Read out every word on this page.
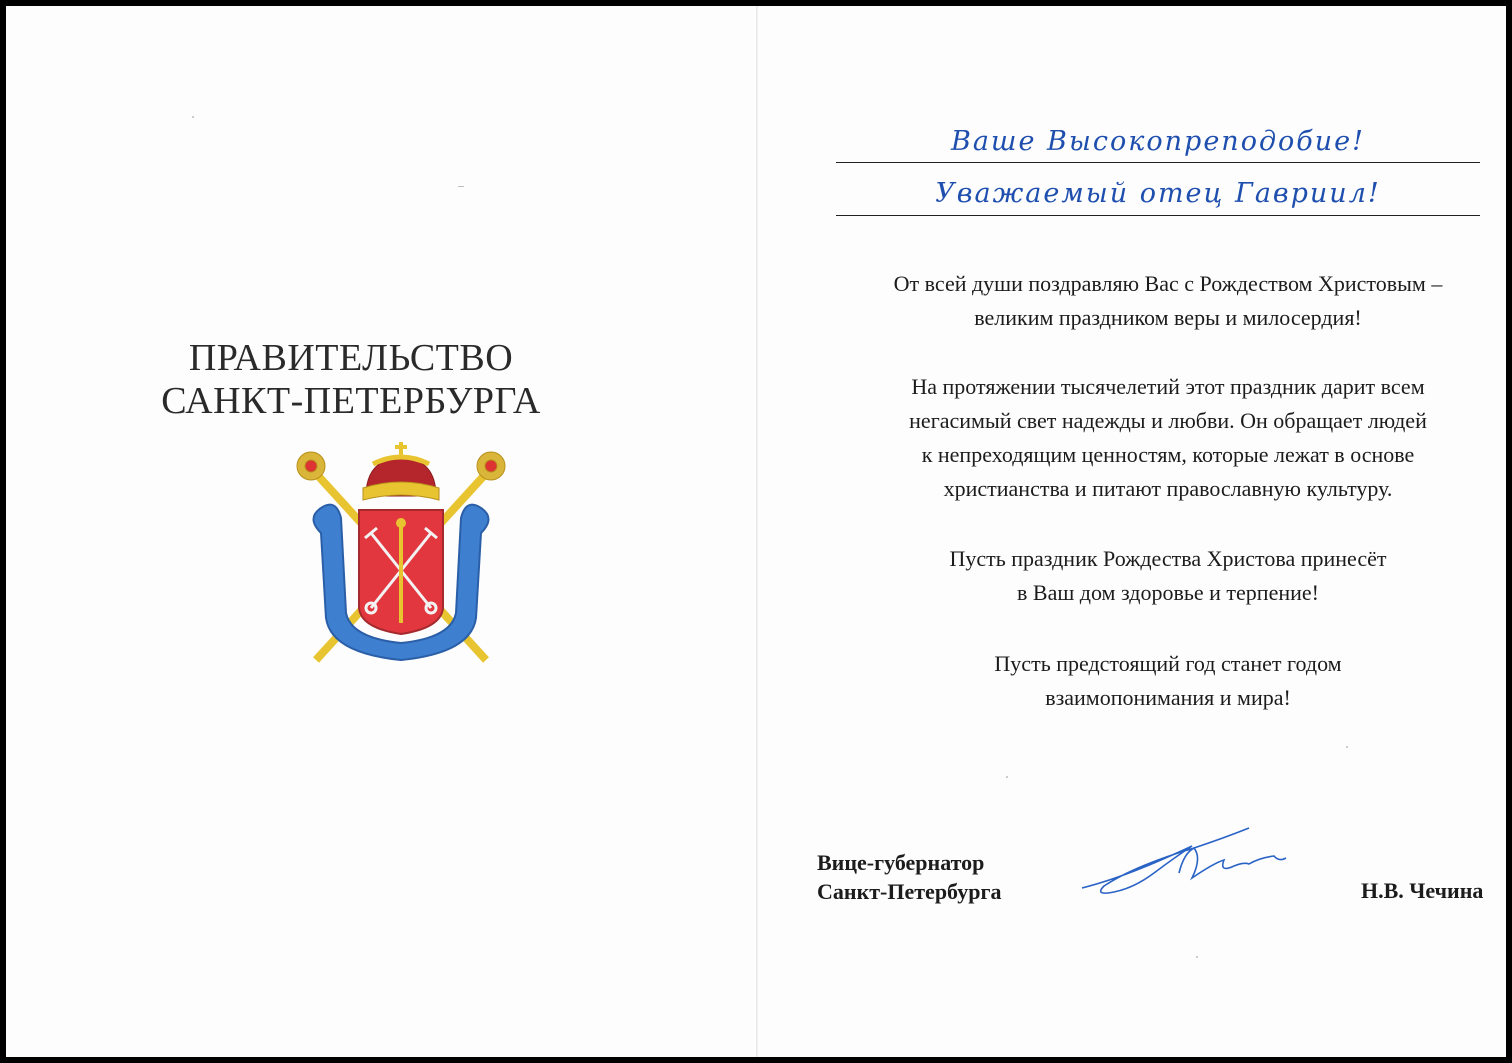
ПРАВИТЕЛЬСТВО
САНКТ-ПЕТЕРБУРГА
Ваше Высокопреподобие!
Уважаемый отец Гавриил!
От всей души поздравляю Вас с Рождеством Христовым –
великим праздником веры и милосердия!
На протяжении тысячелетий этот праздник дарит всем
негасимый свет надежды и любви. Он обращает людей
к непреходящим ценностям, которые лежат в основе
христианства и питают православную культуру.
Пусть праздник Рождества Христова принесёт
в Ваш дом здоровье и терпение!
Пусть предстоящий год станет годом
взаимопонимания и мира!
Вице-губернатор
Санкт-Петербурга	Н.В. Чечина
